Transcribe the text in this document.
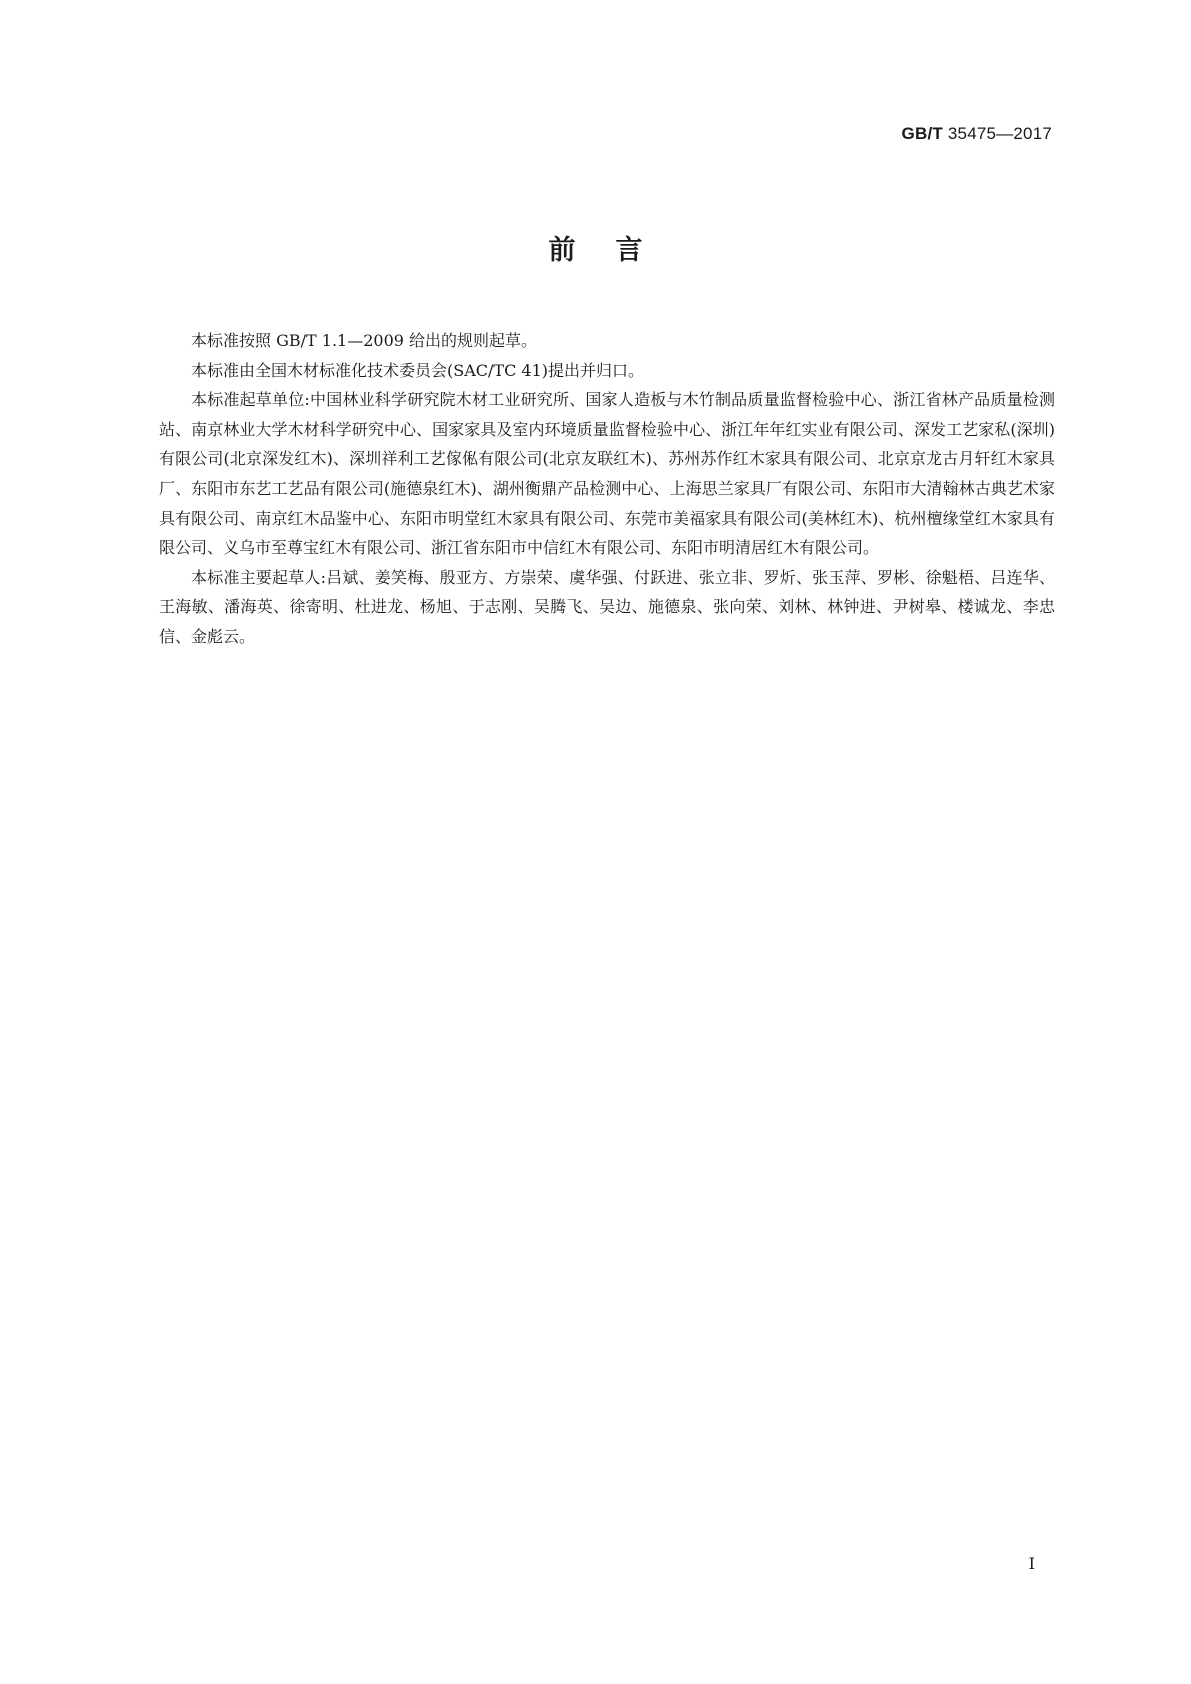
GB/T 35475—2017
前言

本标准按照 GB/T 1.1—2009 给出的规则起草。

本标准由全国木材标准化技术委员会(SAC/TC 41)提出并归口。

本标准起草单位:中国林业科学研究院木材工业研究所、国家人造板与木竹制品质量监督检验中心、浙江省林产品质量检测站、南京林业大学木材科学研究中心、国家家具及室内环境质量监督检验中心、浙江年年红实业有限公司、深发工艺家私(深圳)有限公司(北京深发红木)、深圳祥利工艺傢俬有限公司(北京友联红木)、苏州苏作红木家具有限公司、北京京龙古月轩红木家具厂、东阳市东艺工艺品有限公司(施德泉红木)、湖州衡鼎产品检测中心、上海思兰家具厂有限公司、东阳市大清翰林古典艺术家具有限公司、南京红木品鉴中心、东阳市明堂红木家具有限公司、东莞市美福家具有限公司(美林红木)、杭州檀缘堂红木家具有限公司、义乌市至尊宝红木有限公司、浙江省东阳市中信红木有限公司、东阳市明清居红木有限公司。

本标准主要起草人:吕斌、姜笑梅、殷亚方、方崇荣、虞华强、付跃进、张立非、罗炘、张玉萍、罗彬、徐魁梧、吕连华、王海敏、潘海英、徐寄明、杜进龙、杨旭、于志刚、吴腾飞、吴边、施德泉、张向荣、刘林、林钟进、尹树皋、楼诚龙、李忠信、金彪云。

I
